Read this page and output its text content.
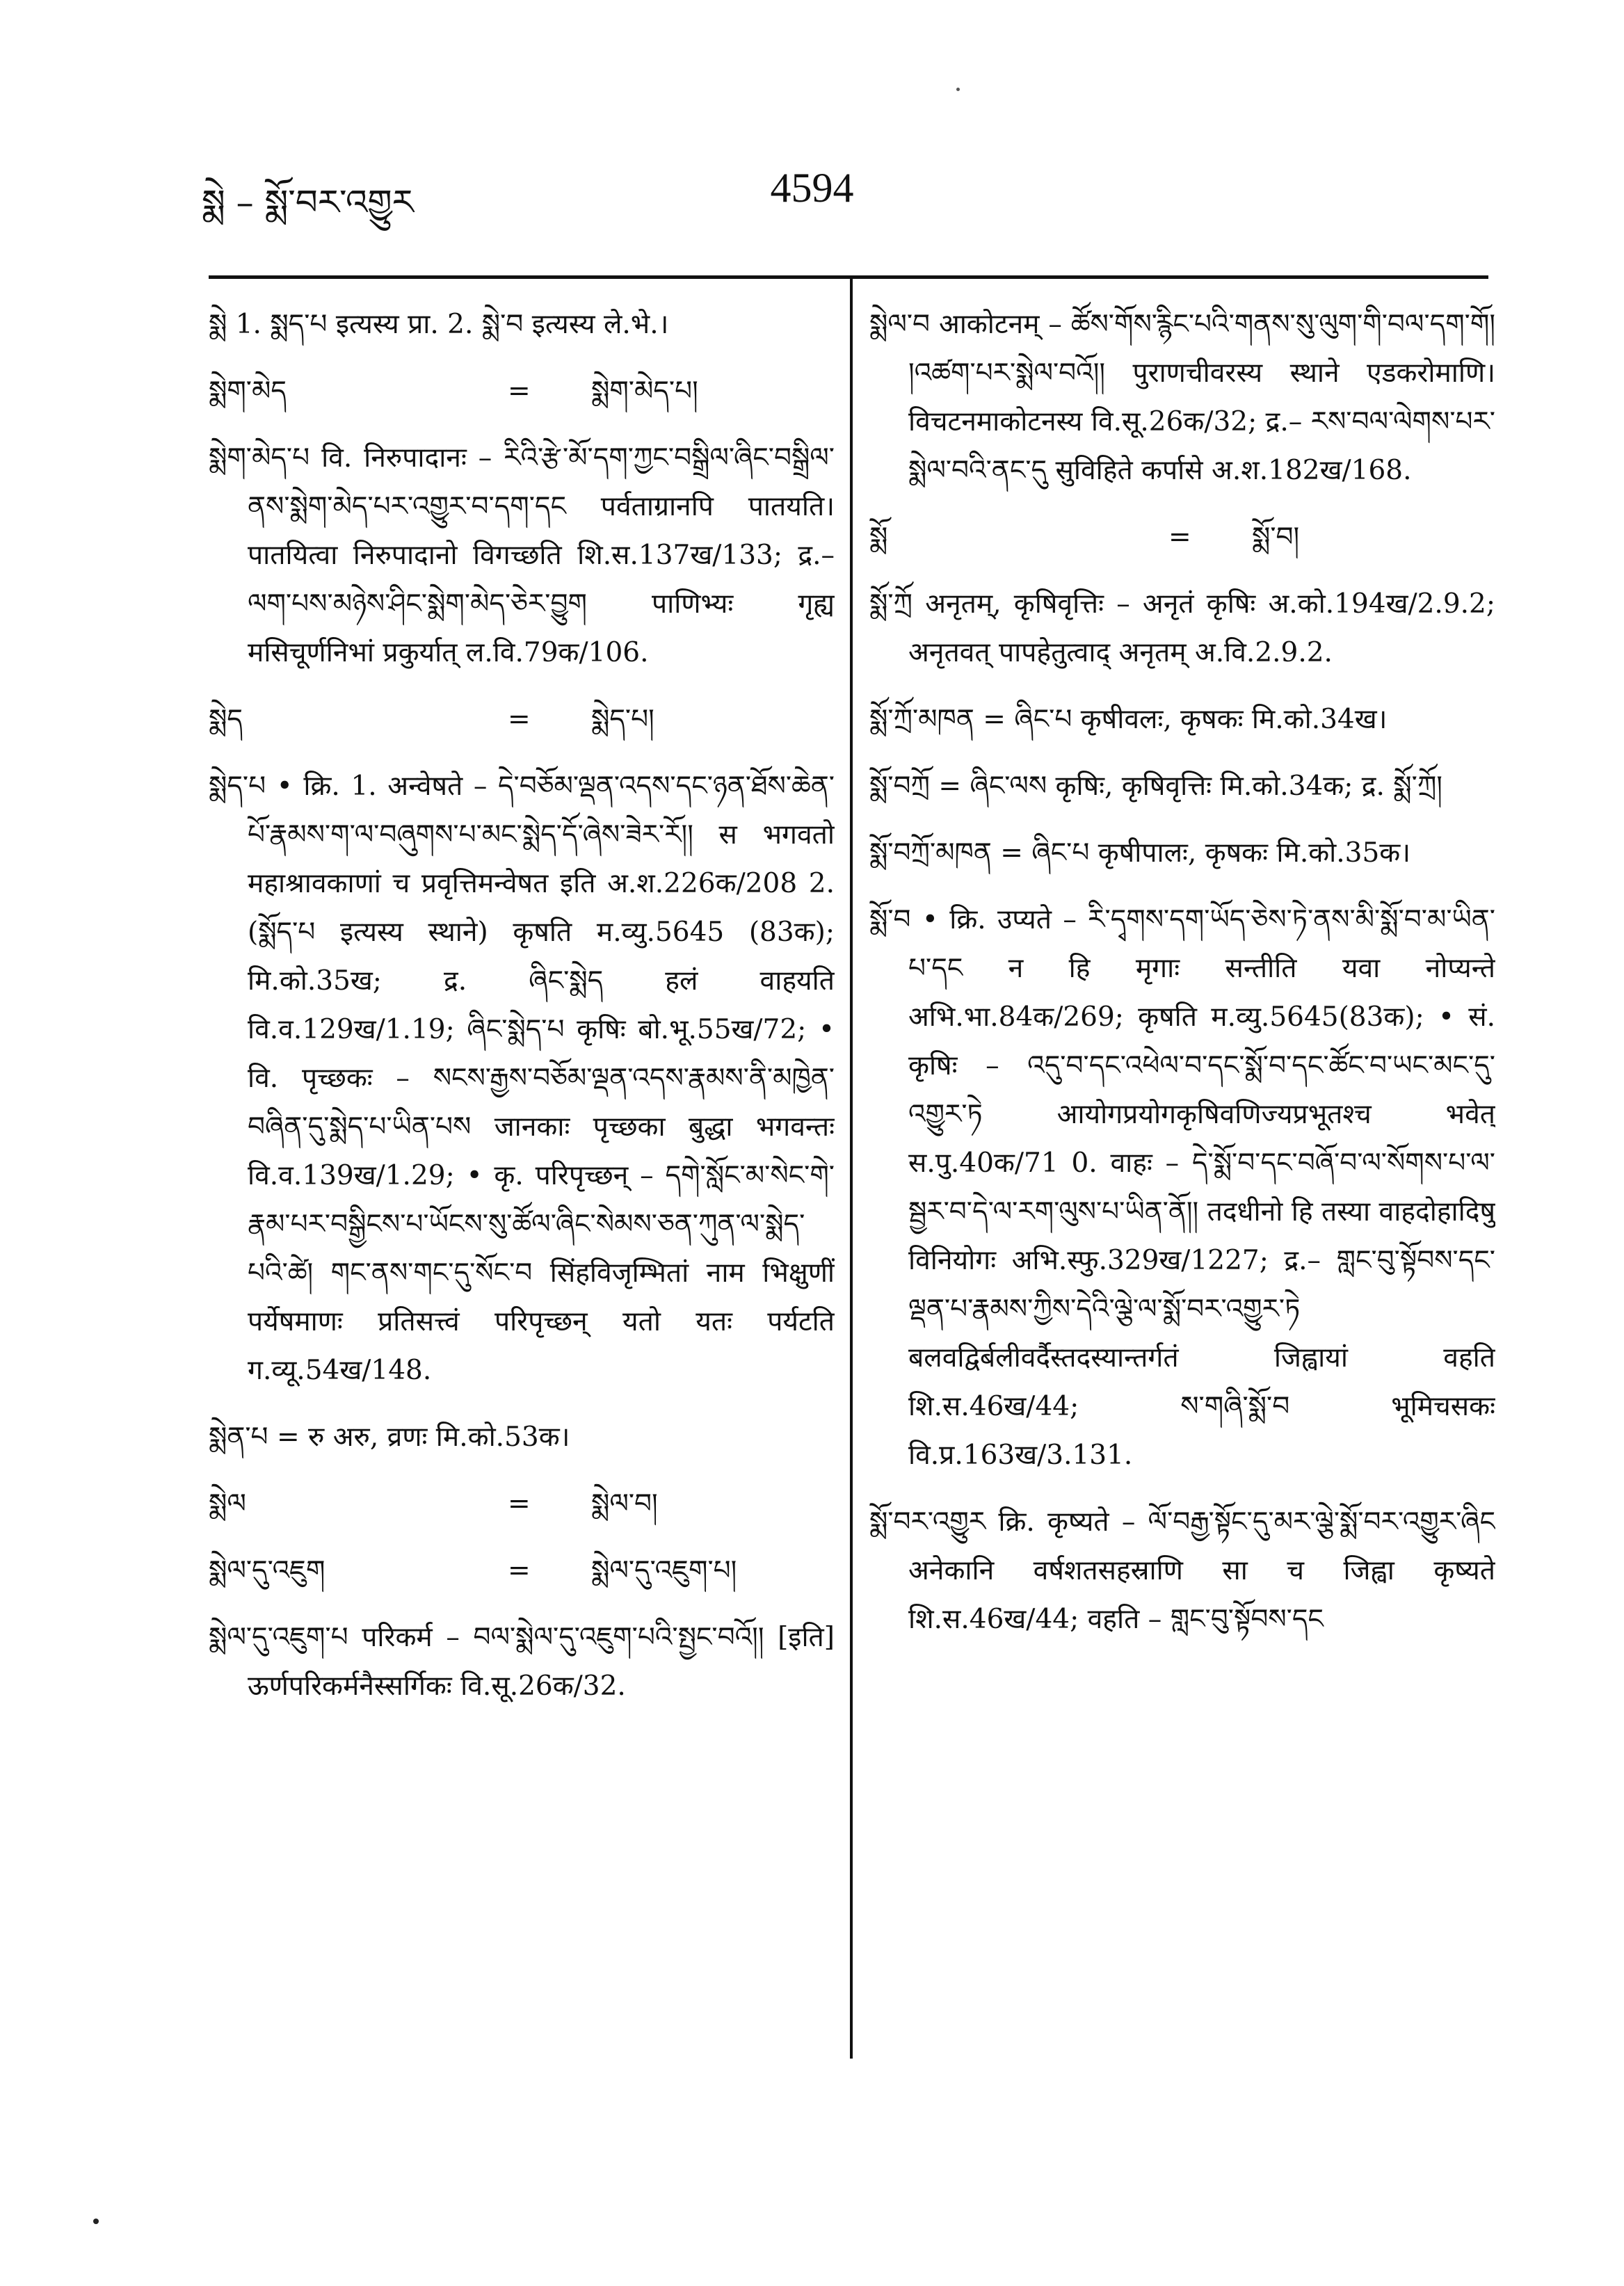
སྨེ – སྨོ་བར་འགྱུར	4594
སྨེ 1. སྨད་པ इत्यस्य प्रा. 2. སྨེ་བ इत्यस्य ले.भे.।
སྨེག་མེད	=	སྨེག་མེད་པ།
སྨེག་མེད་པ वि. निरुपादानः – རིའི་རྩེ་མོ་དག་ཀྱང་བསྒྲིལ་ཞིང་བསྒྲིལ་ནས་སྨེག་མེད་པར་འགྱུར་བ་དག་དང पर्वताग्रानपि पातयति। पातयित्वा निरुपादानो विगच्छति शि.स.137ख/133; द्र.– ལག་པས་མཉེས་ཤིང་སྨེག་མེད་ཅེར་བྱུག पाणिभ्यः गृह्य मसिचूर्णनिभां प्रकुर्यात् ल.वि.79क/106.
སྨེད	=	སྨེད་པ།
སྨེད་པ • क्रि. 1. अन्वेषते – དེ་བཅོམ་ལྡན་འདས་དང་ཉན་ཐོས་ཆེན་པོ་རྣམས་ག་ལ་བཞུགས་པ་མང་སྨེད་དོ་ཞེས་ཟེར་རོ།། स भगवतो महाश्रावकाणां च प्रवृत्तिमन्वेषत इति अ.श.226क/208 2. (སྨོད་པ इत्यस्य स्थाने) कृषति म.व्यु.5645 (83क); मि.को.35ख; द्र. ཞིང་སྨེད हलं वाहयति वि.व.129ख/1.19; ཞིང་སྨེད་པ कृषिः बो.भू.55ख/72; • वि. पृच्छकः – སངས་རྒྱས་བཅོམ་ལྡན་འདས་རྣམས་ནི་མཁྱེན་བཞིན་དུ་སྨེད་པ་ཡིན་པས जानकाः पृच्छका बुद्धा भगवन्तः वि.व.139ख/1.29; • कृ. परिपृच्छन् – དགེ་སློང་མ་སེང་གེ་རྣམ་པར་བསྒྱིངས་པ་ཡོངས་སུ་ཚོལ་ཞིང་སེམས་ཅན་ཀུན་ལ་སྨེད་པའི་ཚེ། གང་ནས་གང་དུ་སོང་བ सिंहविजृम्भितां नाम भिक्षुणीं पर्येषमाणः प्रतिसत्त्वं परिपृच्छन् यतो यतः पर्यटति ग.व्यू.54ख/148.
སྨེན་པ = रु अरु, व्रणः मि.को.53क।
སྨེལ	=	སྨེལ་བ།
སྨེལ་དུ་འཇུག	=	སྨེལ་དུ་འཇུག་པ།
སྨེལ་དུ་འཇུག་པ परिकर्म – བལ་སྨེལ་དུ་འཇུག་པའི་སྤྱང་བའོ།། [इति] ऊर्णपरिकर्मनैस्सर्गिकः वि.सू.26क/32.
སྨེལ་བ आकोटनम् – ཚོས་གོས་རྙིང་པའི་གནས་སུ་ལུག་གི་བལ་དག་གོ། །འཚག་པར་སྨེལ་བའོ།། पुराणचीवरस्य स्थाने एडकरोमाणि। विचटनमाकोटनस्य वि.सू.26क/32; द्र.– རས་བལ་ལེགས་པར་སྨེལ་བའི་ནང་དུ सुविहिते कर्पासे अ.श.182ख/168.
སྨོ	=	སྨོ་བ།
སྨོ་ཀྲོ अनृतम्, कृषिवृत्तिः – अनृतं कृषिः अ.को.194ख/2.9.2; अनृतवत् पापहेतुत्वाद् अनृतम् अ.वि.2.9.2.
སྨོ་ཀྲོ་མཁན = ཞིང་པ कृषीवलः, कृषकः मि.को.34ख।
སྨོ་བཀྲོ = ཞིང་ལས कृषिः, कृषिवृत्तिः मि.को.34क; द्र. སྨོ་ཀྲོ།
སྨོ་བཀྲོ་མཁན = ཞིང་པ कृषीपालः, कृषकः मि.को.35क।
སྨོ་བ • क्रि. उप्यते – རི་དྭགས་དག་ཡོད་ཅེས་ཏེ་ནས་མི་སྨོ་བ་མ་ཡིན་པ་དང न हि मृगाः सन्तीति यवा नोप्यन्ते अभि.भा.84क/269; कृषति म.व्यु.5645(83क); • सं. कृषिः – འདུ་བ་དང་འཕེལ་བ་དང་སྨོ་བ་དང་ཚོང་བ་ཡང་མང་དུ་འགྱུར་ཏེ आयोगप्रयोगकृषिवणिज्यप्रभूतश्च भवेत् स.पु.40क/71 0. वाहः – དེ་སྨོ་བ་དང་བཞོ་བ་ལ་སོགས་པ་ལ་སྦྱར་བ་དེ་ལ་རག་ལུས་པ་ཡིན་ནོ།། तदधीनो हि तस्या वाहदोहादिषु विनियोगः अभि.स्फु.329ख/1227; द्र.– གླང་བུ་སྟོབས་དང་ལྡན་པ་རྣམས་ཀྱིས་དེའི་ལྕེ་ལ་སྨོ་བར་འགྱུར་ཏེ बलवद्विर्बलीवर्दैस्तदस्यान्तर्गतं जिह्वायां वहति शि.स.46ख/44; ས་གཞི་སྨོ་བ भूमिचसकः वि.प्र.163ख/3.131.
སྨོ་བར་འགྱུར क्रि. कृष्यते – ལོ་བརྒྱ་སྟོང་དུ་མར་ལྕེ་སྨོ་བར་འགྱུར་ཞིང अनेकानि वर्षशतसहस्राणि सा च जिह्वा कृष्यते शि.स.46ख/44; वहति – གླང་བུ་སྟོབས་དང
